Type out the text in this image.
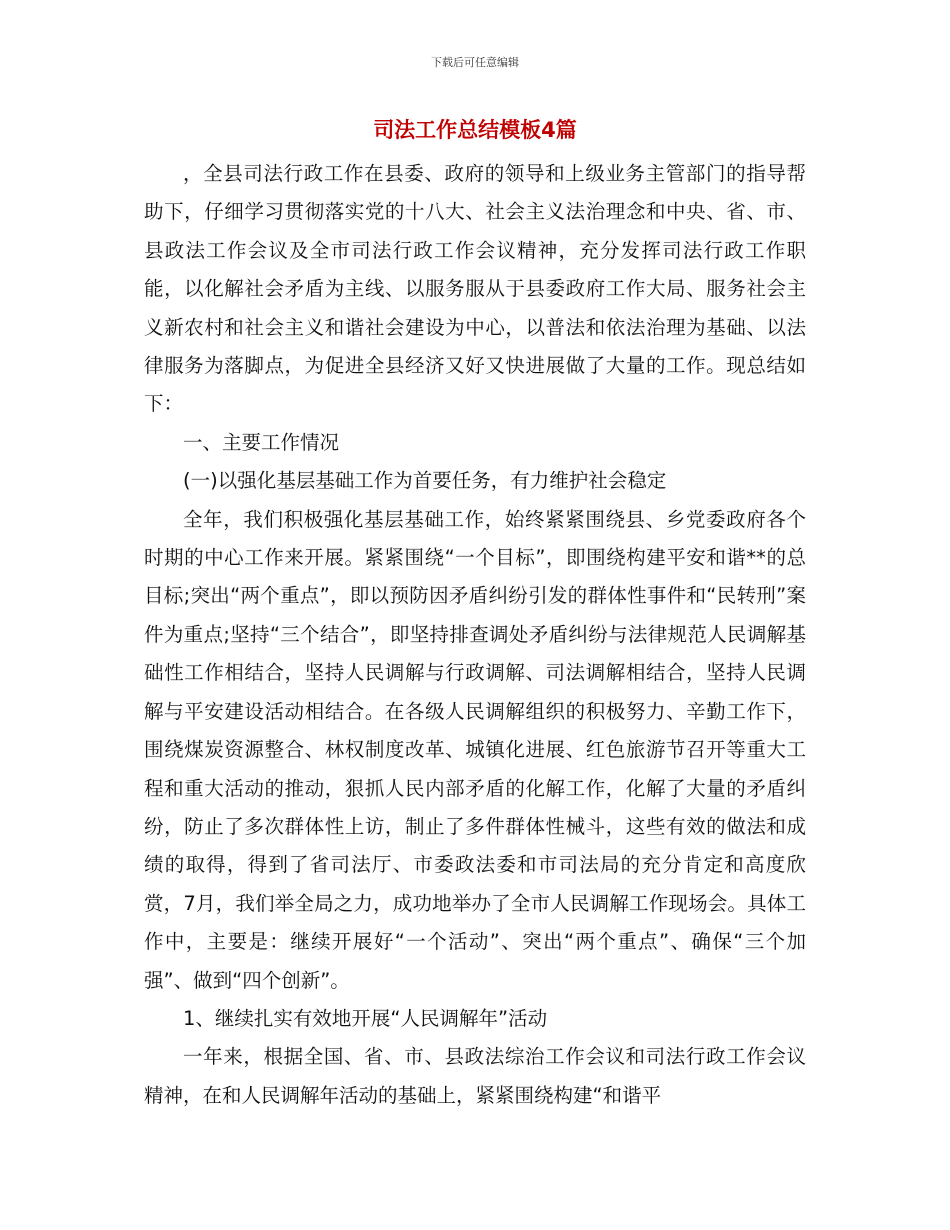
下载后可任意编辑
司法工作总结模板4篇

，全县司法行政工作在县委、政府的领导和上级业务主管部门的指导帮助下，仔细学习贯彻落实党的十八大、社会主义法治理念和中央、省、市、县政法工作会议及全市司法行政工作会议精神，充分发挥司法行政工作职能，以化解社会矛盾为主线、以服务服从于县委政府工作大局、服务社会主义新农村和社会主义和谐社会建设为中心，以普法和依法治理为基础、以法律服务为落脚点，为促进全县经济又好又快进展做了大量的工作。现总结如下：

一、主要工作情况

(一)以强化基层基础工作为首要任务，有力维护社会稳定

全年，我们积极强化基层基础工作，始终紧紧围绕县、乡党委政府各个时期的中心工作来开展。紧紧围绕“一个目标”，即围绕构建平安和谐**的总目标;突出“两个重点”，即以预防因矛盾纠纷引发的群体性事件和“民转刑”案件为重点;坚持“三个结合”，即坚持排查调处矛盾纠纷与法律规范人民调解基础性工作相结合，坚持人民调解与行政调解、司法调解相结合，坚持人民调解与平安建设活动相结合。在各级人民调解组织的积极努力、辛勤工作下，围绕煤炭资源整合、林权制度改革、城镇化进展、红色旅游节召开等重大工程和重大活动的推动，狠抓人民内部矛盾的化解工作，化解了大量的矛盾纠纷，防止了多次群体性上访，制止了多件群体性械斗，这些有效的做法和成绩的取得，得到了省司法厅、市委政法委和市司法局的充分肯定和高度欣赏，7月，我们举全局之力，成功地举办了全市人民调解工作现场会。具体工作中，主要是：继续开展好“一个活动”、突出“两个重点”、确保“三个加强”、做到“四个创新”。

1、继续扎实有效地开展“人民调解年”活动

一年来，根据全国、省、市、县政法综治工作会议和司法行政工作会议精神，在和人民调解年活动的基础上，紧紧围绕构建“和谐平
